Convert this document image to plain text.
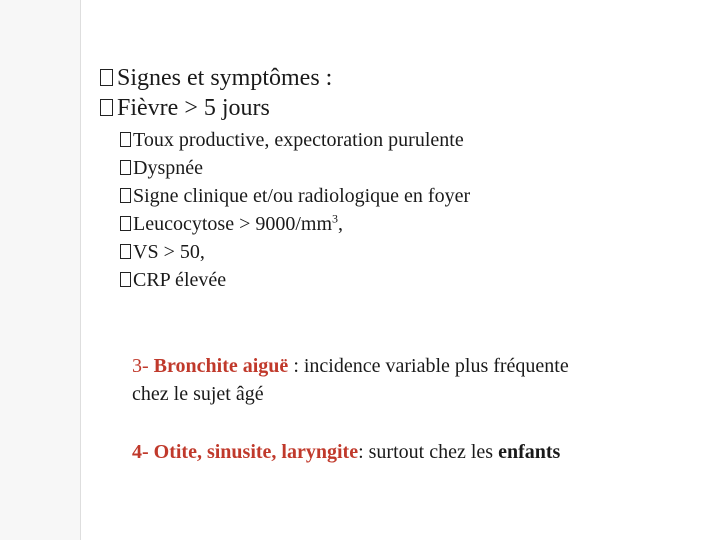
Signes et symptômes :
Fièvre > 5 jours
Toux productive, expectoration purulente
Dyspnée
Signe clinique et/ou radiologique en foyer
Leucocytose > $9000/mm^3$,
VS > 50,
CRP élevée
3- Bronchite aiguë : incidence variable plus fréquente
chez le sujet âgé
4- Otite, sinusite, laryngite: surtout chez les enfants
